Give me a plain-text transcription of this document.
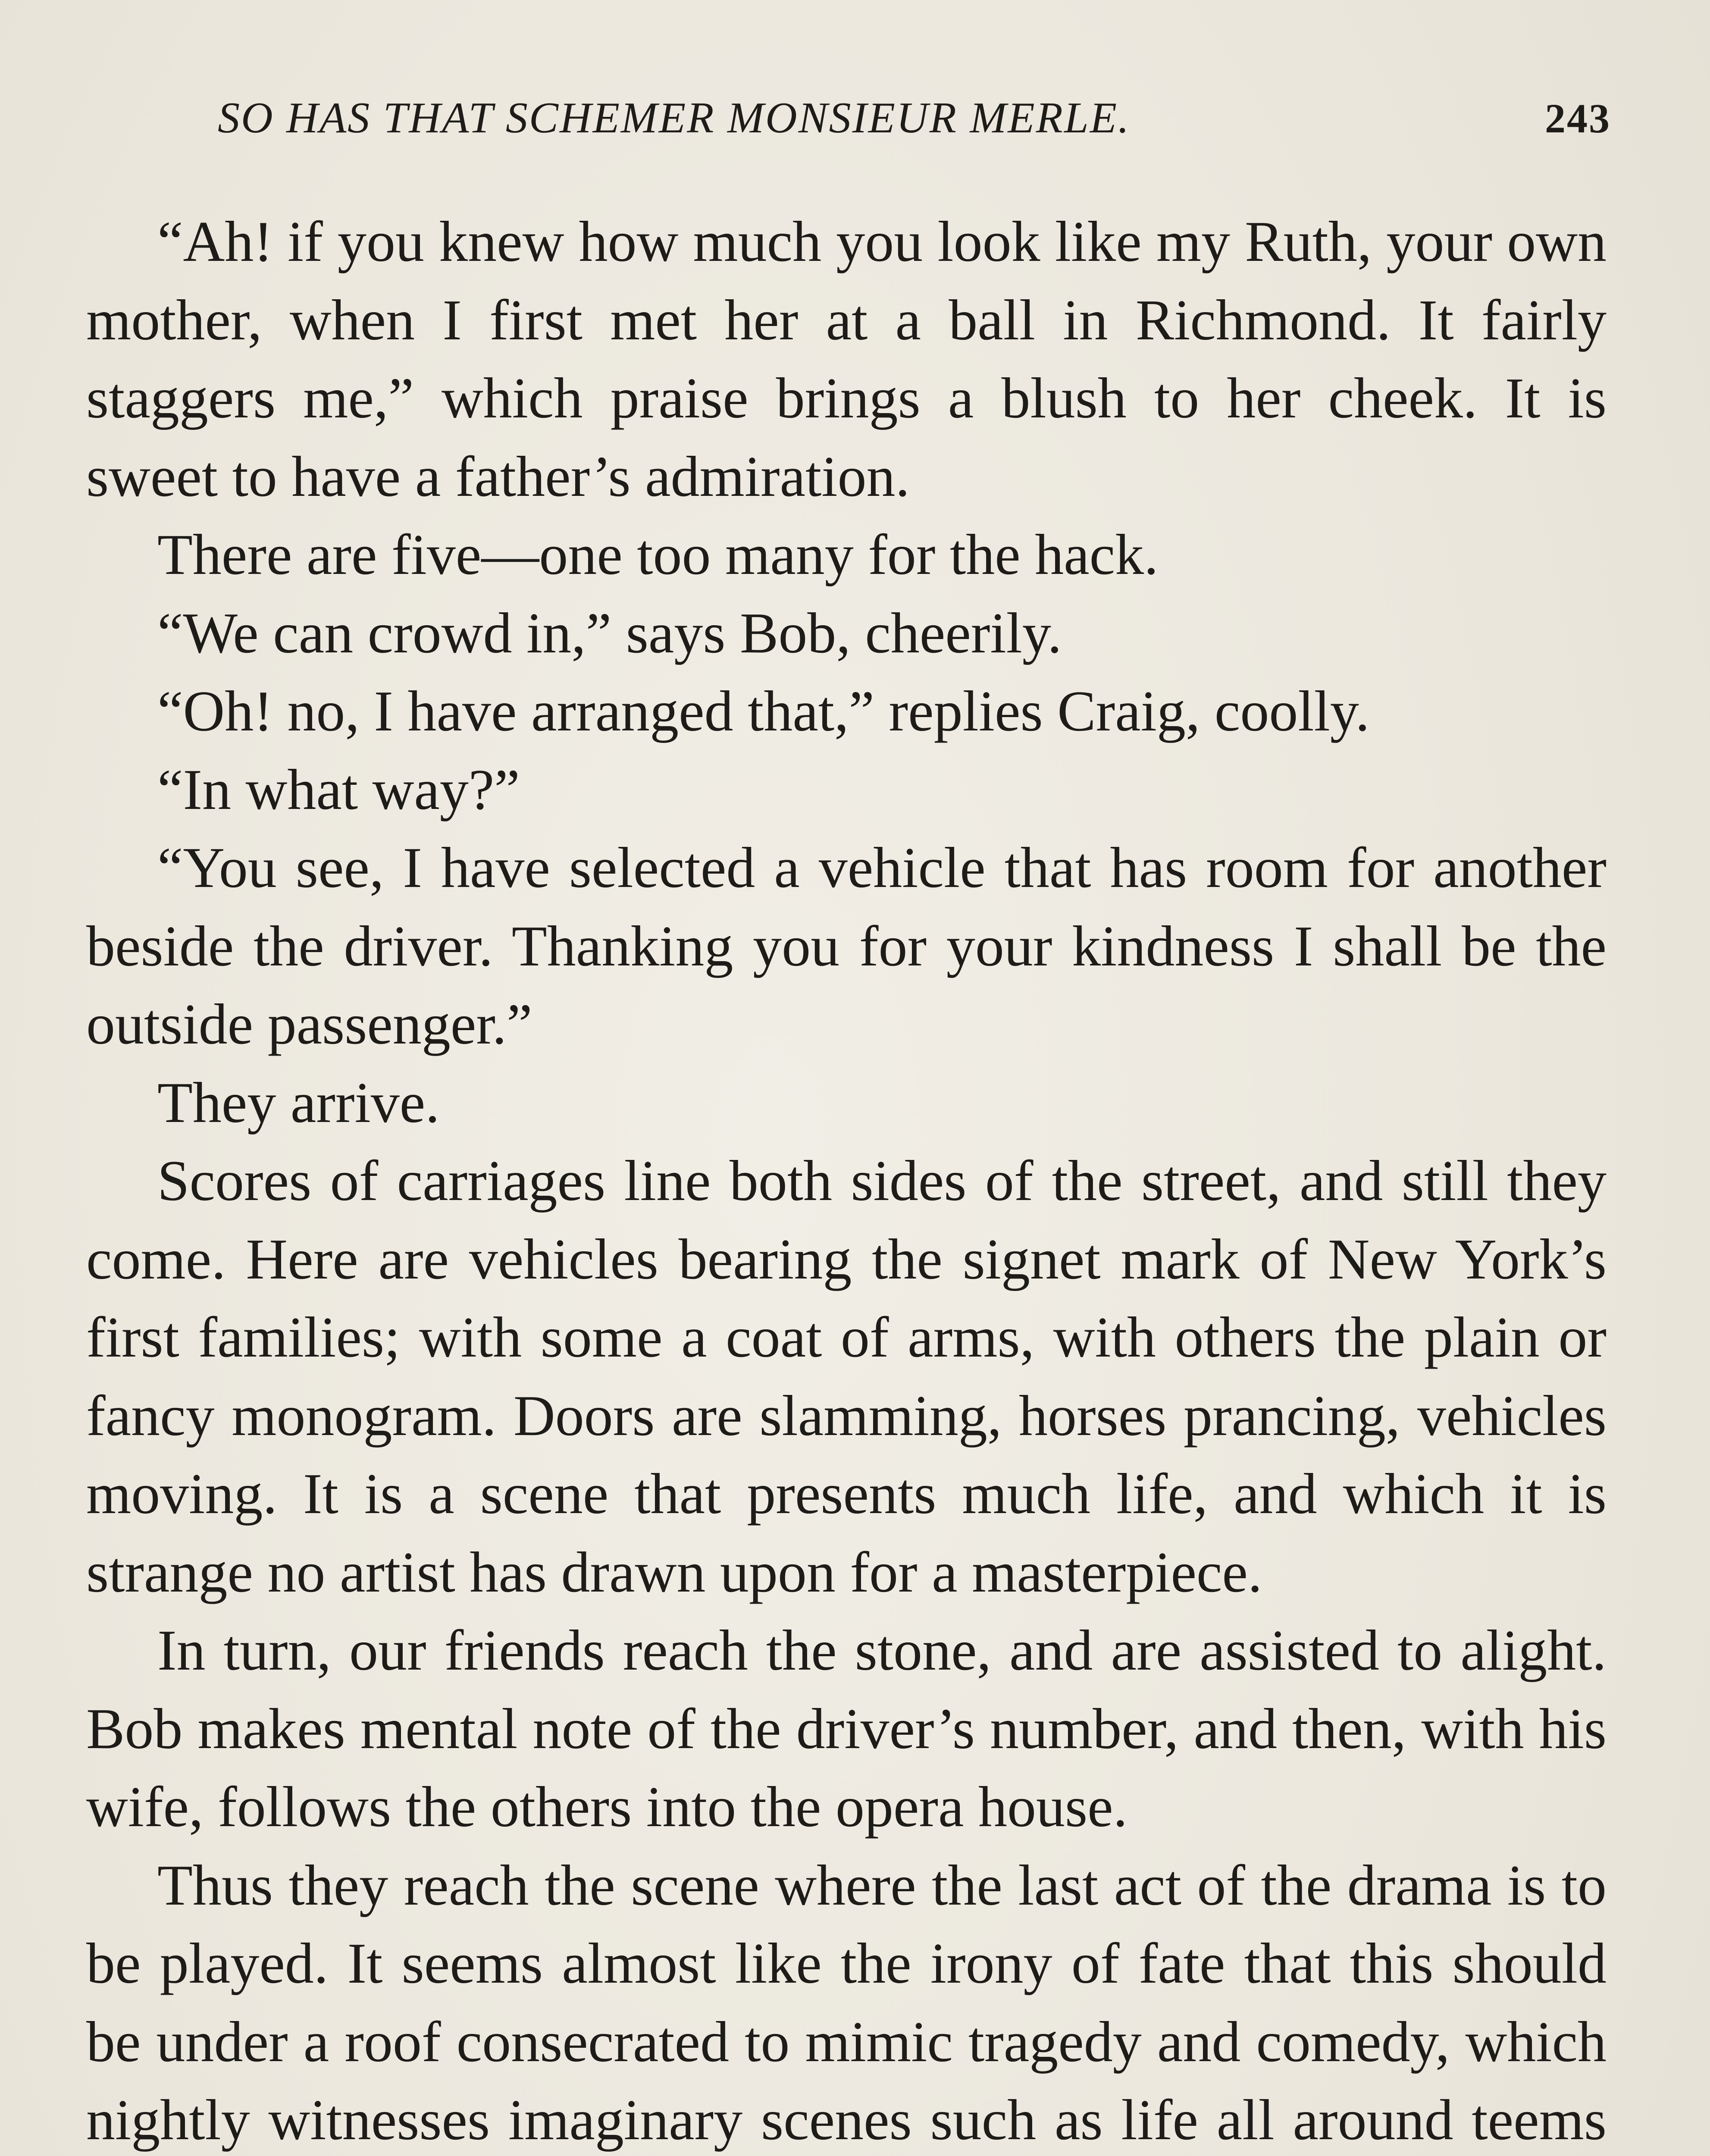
SO HAS THAT SCHEMER MONSIEUR MERLE.	243

“Ah! if you knew how much you look like my Ruth, your own mother, when I first met her at a ball in Richmond. It fairly staggers me,” which praise brings a blush to her cheek. It is sweet to have a father’s admiration.

There are five—one too many for the hack.

“We can crowd in,” says Bob, cheerily.

“Oh! no, I have arranged that,” replies Craig, coolly.

“In what way?”

“You see, I have selected a vehicle that has room for another beside the driver. Thanking you for your kindness I shall be the outside passenger.”

They arrive.

Scores of carriages line both sides of the street, and still they come. Here are vehicles bearing the signet mark of New York’s first families; with some a coat of arms, with others the plain or fancy monogram. Doors are slamming, horses prancing, vehicles moving. It is a scene that presents much life, and which it is strange no artist has drawn upon for a masterpiece.

In turn, our friends reach the stone, and are assisted to alight. Bob makes mental note of the driver’s number, and then, with his wife, follows the others into the opera house.

Thus they reach the scene where the last act of the drama is to be played. It seems almost like the irony of fate that this should be under a roof consecrated to mimic tragedy and comedy, which nightly witnesses imaginary scenes such as life all around teems
